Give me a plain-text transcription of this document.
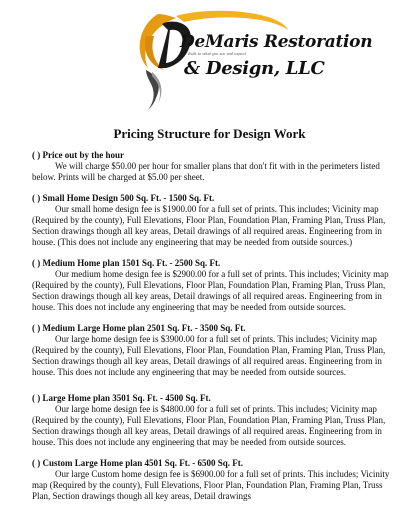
DeMaris Restoration
Built to what you see and expect
& Design, LLC
Pricing Structure for Design Work
( ) Price out by the hour
We will charge $50.00 per hour for smaller plans that don't fit with in the perimeters listed below. Prints will be charged at $5.00 per sheet.
( ) Small Home Design 500 Sq. Ft. - 1500 Sq. Ft.
Our small home design fee is $1900.00 for a full set of prints. This includes; Vicinity map (Required by the county), Full Elevations, Floor Plan, Foundation Plan, Framing Plan, Truss Plan, Section drawings though all key areas, Detail drawings of all required areas. Engineering from in house. (This does not include any engineering that may be needed from outside sources.)
( ) Medium Home plan 1501 Sq. Ft. - 2500 Sq. Ft.
Our medium home design fee is $2900.00 for a full set of prints. This includes; Vicinity map (Required by the county), Full Elevations, Floor Plan, Foundation Plan, Framing Plan, Truss Plan, Section drawings though all key areas, Detail drawings of all required areas. Engineering from in house. This does not include any engineering that may be needed from outside sources.
( ) Medium Large Home plan 2501 Sq. Ft. - 3500 Sq. Ft.
Our large home design fee is $3900.00 for a full set of prints. This includes; Vicinity map (Required by the county), Full Elevations, Floor Plan, Foundation Plan, Framing Plan, Truss Plan, Section drawings though all key areas, Detail drawings of all required areas. Engineering from in house. This does not include any engineering that may be needed from outside sources.
( ) Large Home plan 3501 Sq. Ft. - 4500 Sq. Ft.
Our large home design fee is $4800.00 for a full set of prints. This includes; Vicinity map (Required by the county), Full Elevations, Floor Plan, Foundation Plan, Framing Plan, Truss Plan, Section drawings though all key areas, Detail drawings of all required areas. Engineering from in house. This does not include any engineering that may be needed from outside sources.
( ) Custom Large Home plan 4501 Sq. Ft. - 6500 Sq. Ft.
Our large Custom home design fee is $6900.00 for a full set of prints. This includes; Vicinity map (Required by the county), Full Elevations, Floor Plan, Foundation Plan, Framing Plan, Truss Plan, Section drawings though all key areas, Detail drawings
